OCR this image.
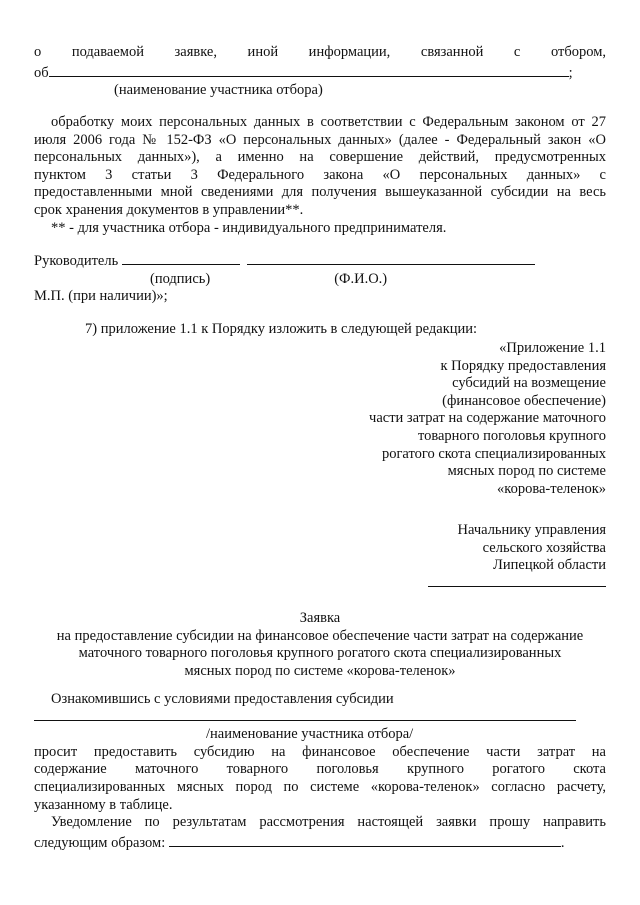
о подаваемой заявке, иной информации, связанной с отбором,
об	;
(наименование участника отбора)
обработку моих персональных данных в соответствии с Федеральным законом от 27
июля 2006 года № 152-ФЗ «О персональных данных» (далее - Федеральный закон «О
персональных данных»), а именно на совершение действий, предусмотренных
пунктом 3 статьи 3 Федерального закона «О персональных данных» с
предоставленными мной сведениями для получения вышеуказанной субсидии на весь
срок хранения документов в управлении**.
** - для участника отбора - индивидуального предпринимателя.
Руководитель
(подпись)	(Ф.И.О.)
М.П. (при наличии)»;
7) приложение 1.1 к Порядку изложить в следующей редакции:
«Приложение 1.1
к Порядку предоставления
субсидий на возмещение
(финансовое обеспечение)
части затрат на содержание маточного
товарного поголовья крупного
рогатого скота специализированных
мясных пород по системе
«корова-теленок»
Начальнику управления
сельского хозяйства
Липецкой области
Заявка
на предоставление субсидии на финансовое обеспечение части затрат на содержание
маточного товарного поголовья крупного рогатого скота специализированных
мясных пород по системе «корова-теленок»
Ознакомившись с условиями предоставления субсидии
/наименование участника отбора/
просит предоставить субсидию на финансовое обеспечение части затрат на
содержание маточного товарного поголовья крупного рогатого скота
специализированных мясных пород по системе «корова-теленок» согласно расчету,
указанному в таблице.
Уведомление по результатам рассмотрения настоящей заявки прошу направить
следующим образом:	.
